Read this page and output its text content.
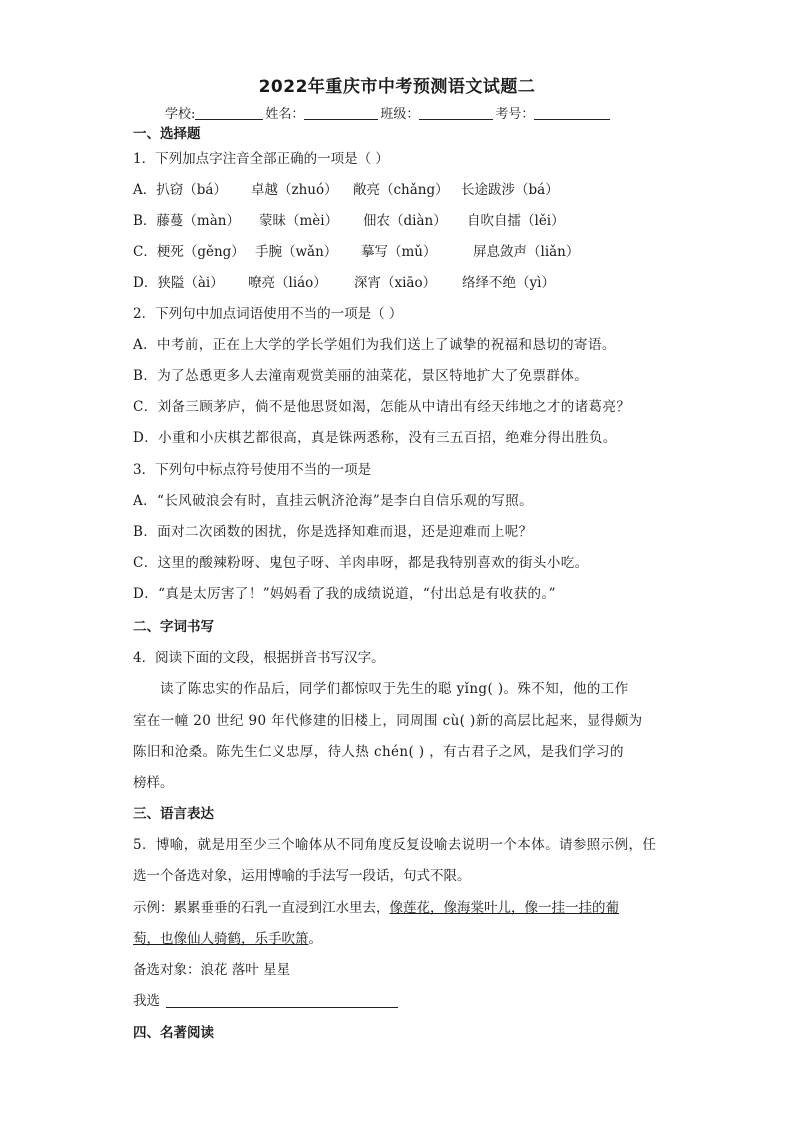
2022年重庆市中考预测语文试题二
学校:	姓名：	班级：	考号：
一、选择题
1．下列加点字注音全部正确的一项是（ ）
A．扒窃（bá） 卓越（zhuó） 敞亮（chǎng） 长途跋涉（bá）
B．藤蔓（màn） 蒙昧（mèi） 佃农（diàn） 自吹自擂（lěi）
C．梗死（gěng） 手腕（wǎn） 摹写（mǔ）	屏息敛声（liǎn）
D．狭隘（ài） 嘹亮（liáo） 深宵（xiāo） 络绎不绝（yì）
2．下列句中加点词语使用不当的一项是（ ）
A．中考前，正在上大学的学长学姐们为我们送上了诚挚的祝福和恳切的寄语。
B．为了怂恿更多人去潼南观赏美丽的油菜花，景区特地扩大了免票群体。
C．刘备三顾茅庐，倘不是他思贤如渴，怎能从中请出有经天纬地之才的诸葛亮？
D．小重和小庆棋艺都很高，真是铢两悉称，没有三五百招，绝难分得出胜负。
3．下列句中标点符号使用不当的一项是
A．“长风破浪会有时，直挂云帆济沧海”是李白自信乐观的写照。
B．面对二次函数的困扰，你是选择知难而退，还是迎难而上呢？
C．这里的酸辣粉呀、鬼包子呀、羊肉串呀，都是我特别喜欢的街头小吃。
D．“真是太厉害了！”妈妈看了我的成绩说道，“付出总是有收获的。”
二、字词书写
4．阅读下面的文段，根据拼音书写汉字。
读了陈忠实的作品后，同学们都惊叹于先生的聪 yǐng( )。殊不知，他的工作
室在一幢 20 世纪 90 年代修建的旧楼上，同周围 cù( )新的高层比起来，显得颇为
陈旧和沧桑。陈先生仁义忠厚，待人热 chén( ) ，有古君子之风，是我们学习的
榜样。
三、语言表达
5．博喻，就是用至少三个喻体从不同角度反复设喻去说明一个本体。请参照示例，任
选一个备选对象，运用博喻的手法写一段话，句式不限。
示例：累累垂垂的石乳一直浸到江水里去，像莲花，像海棠叶儿，像一挂一挂的葡
萄，也像仙人骑鹤，乐手吹箫。
备选对象：浪花 落叶 星星
我选
四、名著阅读
